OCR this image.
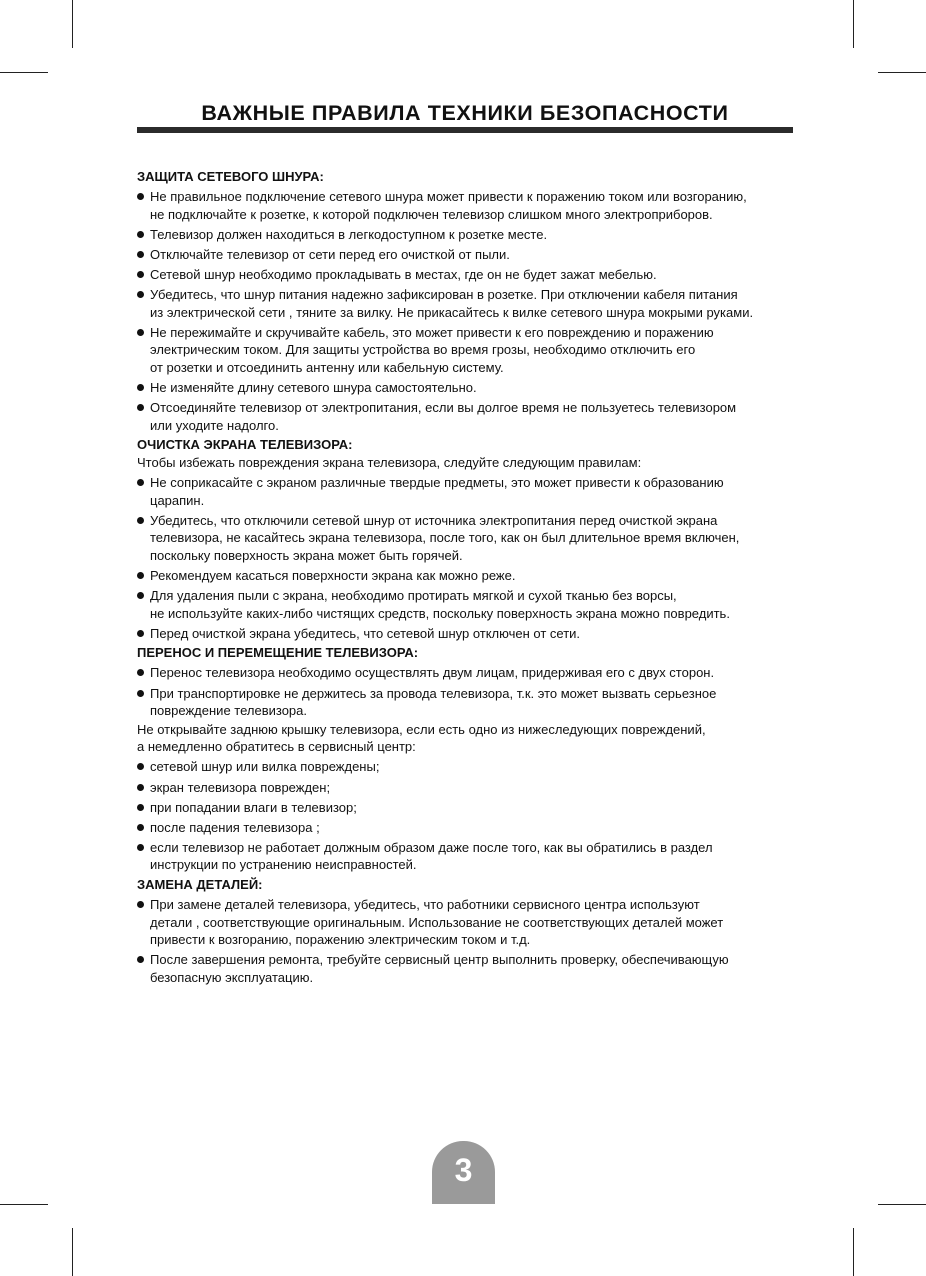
ВАЖНЫЕ ПРАВИЛА ТЕХНИКИ БЕЗОПАСНОСТИ
ЗАЩИТА СЕТЕВОГО ШНУРА:
Не правильное подключение сетевого шнура может привести к поражению током или возгоранию,
не подключайте к розетке, к которой подключен телевизор слишком много электроприборов.
Телевизор должен находиться в легкодоступном к розетке месте.
Отключайте телевизор от сети перед его очисткой от пыли.
Сетевой шнур необходимо прокладывать в местах, где он не будет зажат мебелью.
Убедитесь, что шнур питания надежно зафиксирован в розетке. При отключении кабеля питания
из электрической сети , тяните за вилку. Не прикасайтесь к вилке сетевого шнура мокрыми руками.
Не пережимайте и скручивайте кабель, это может привести к его повреждению и поражению
электрическим током. Для защиты устройства во время грозы, необходимо отключить его
от розетки и отсоединить антенну или кабельную систему.
Не изменяйте длину сетевого шнура самостоятельно.
Отсоединяйте телевизор от электропитания, если вы долгое время не пользуетесь телевизором
или уходите надолго.
ОЧИСТКА ЭКРАНА ТЕЛЕВИЗОРА:
Чтобы избежать повреждения экрана телевизора, следуйте следующим правилам:
Не соприкасайте с экраном различные твердые предметы, это может привести к образованию
царапин.
Убедитесь, что отключили сетевой шнур от источника электропитания перед очисткой экрана
телевизора, не касайтесь экрана телевизора, после того, как он был длительное время включен,
поскольку поверхность экрана может быть горячей.
Рекомендуем касаться поверхности экрана как можно реже.
Для удаления пыли с экрана, необходимо протирать мягкой и сухой тканью без ворсы,
не используйте каких-либо чистящих средств, поскольку поверхность экрана можно повредить.
Перед очисткой экрана убедитесь, что сетевой шнур отключен от сети.
ПЕРЕНОС И ПЕРЕМЕЩЕНИЕ ТЕЛЕВИЗОРА:
Перенос телевизора необходимо осуществлять двум лицам, придерживая его с двух сторон.
При транспортировке не держитесь за провода телевизора, т.к. это может вызвать серьезное
повреждение телевизора.
Не открывайте заднюю крышку телевизора, если есть одно из нижеследующих повреждений,
а немедленно обратитесь в сервисный центр:
сетевой шнур или вилка повреждены;
экран телевизора поврежден;
при попадании влаги в телевизор;
после падения телевизора ;
если телевизор не работает должным образом даже после того, как вы обратились в раздел
инструкции по устранению неисправностей.
ЗАМЕНА ДЕТАЛЕЙ:
При замене деталей телевизора, убедитесь, что работники сервисного центра используют
детали , соответствующие оригинальным. Использование не соответствующих деталей может
привести к возгоранию, поражению электрическим током и т.д.
После завершения ремонта, требуйте сервисный центр выполнить проверку, обеспечивающую
безопасную эксплуатацию.
3
